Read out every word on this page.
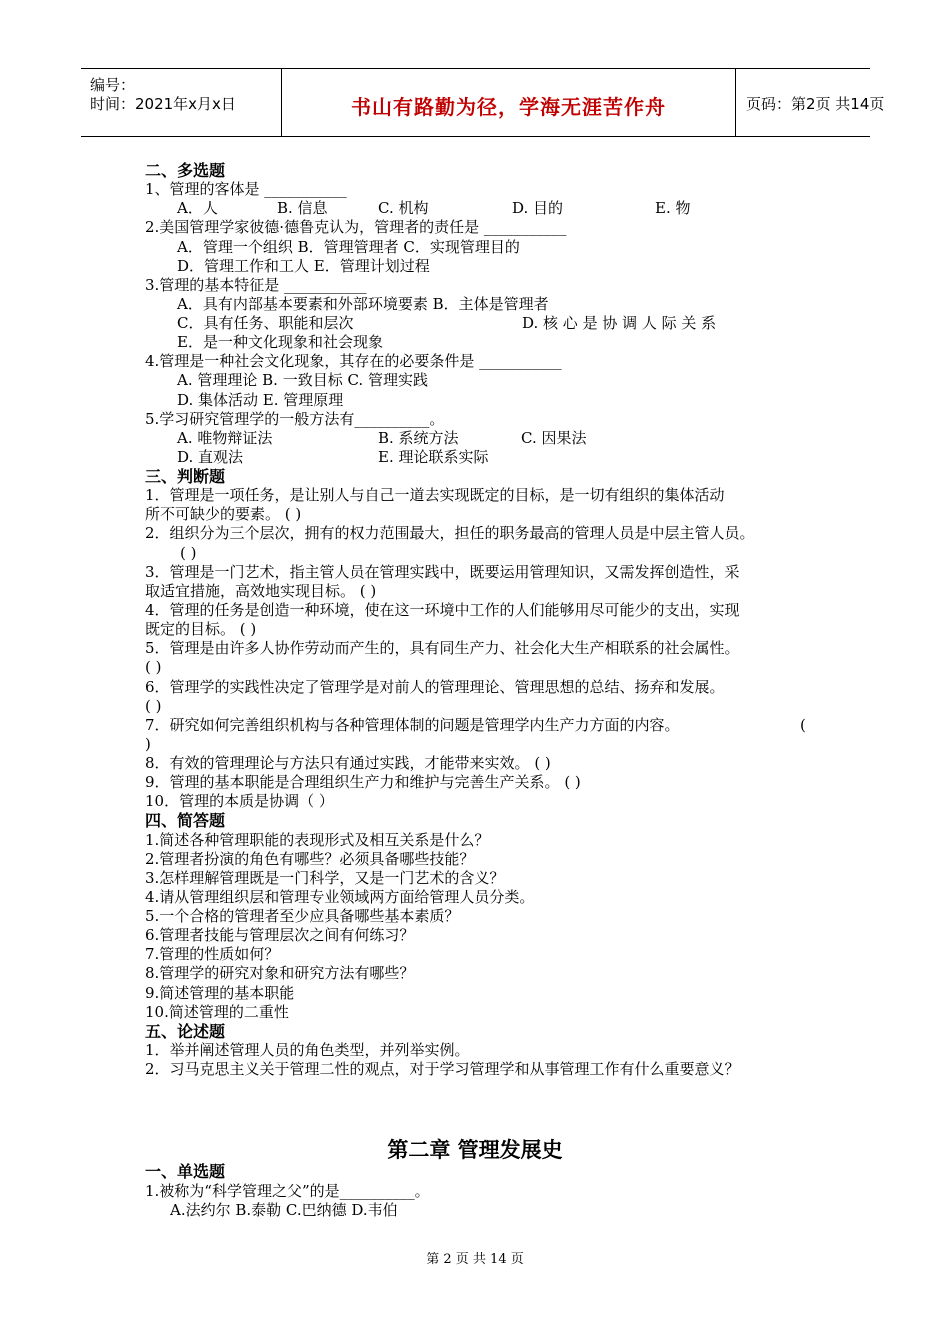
编号：
时间：2021年x月x日	书山有路勤为径，学海无涯苦作舟	页码：第2页 共14页
二、多选题
1、管理的客体是 ___________
A．人
2.美国管理学家彼德·德鲁克认为，管理者的责任是 ___________
A．管理一个组织 B．管理管理者 C．实现管理目的
D．管理工作和工人 E．管理计划过程
3.管理的基本特征是 ___________
A．具有内部基本要素和外部环境要素 B．主体是管理者
C．具有任务、职能和层次
E．是一种文化现象和社会现象
4.管理是一种社会文化现象，其存在的必要条件是 ___________
A. 管理理论 B. 一致目标 C. 管理实践
D. 集体活动 E. 管理原理
5.学习研究管理学的一般方法有__________。
A. 唯物辩证法
D. 直观法
三、判断题
1．管理是一项任务，是让别人与自己一道去实现既定的目标，是一切有组织的集体活动
所不可缺少的要素。 ( )
2．组织分为三个层次，拥有的权力范围最大，担任的职务最高的管理人员是中层主管人员。
( )
3．管理是一门艺术，指主管人员在管理实践中，既要运用管理知识，又需发挥创造性，采
取适宜措施，高效地实现目标。 ( )
4．管理的任务是创造一种环境，使在这一环境中工作的人们能够用尽可能少的支出，实现
既定的目标。 ( )
5．管理是由许多人协作劳动而产生的，具有同生产力、社会化大生产相联系的社会属性。
( )
6．管理学的实践性决定了管理学是对前人的管理理论、管理思想的总结、扬弃和发展。
( )
7．研究如何完善组织机构与各种管理体制的问题是管理学内生产力方面的内容。
)
8．有效的管理理论与方法只有通过实践，才能带来实效。 ( )
9．管理的基本职能是合理组织生产力和维护与完善生产关系。 ( )
10．管理的本质是协调（ ）
四、简答题
1.简述各种管理职能的表现形式及相互关系是什么？
2.管理者扮演的角色有哪些？必须具备哪些技能？
3.怎样理解管理既是一门科学，又是一门艺术的含义？
4.请从管理组织层和管理专业领域两方面给管理人员分类。
5.一个合格的管理者至少应具备哪些基本素质？
6.管理者技能与管理层次之间有何练习？
7.管理的性质如何？
8.管理学的研究对象和研究方法有哪些？
9.简述管理的基本职能
10.简述管理的二重性
五、论述题
1．举并阐述管理人员的角色类型，并列举实例。
2．习马克思主义关于管理二性的观点，对于学习管理学和从事管理工作有什么重要意义？
B. 信息	C. 机构	D. 目的	E. 物
D. 核 心 是 协 调 人 际 关 系
B. 系统方法	C. 因果法
E. 理论联系实际
(
第二章 管理发展史
一、单选题
1.被称为“科学管理之父”的是__________。
A.法约尔 B.泰勒 C.巴纳德 D.韦伯
第 2 页 共 14 页
